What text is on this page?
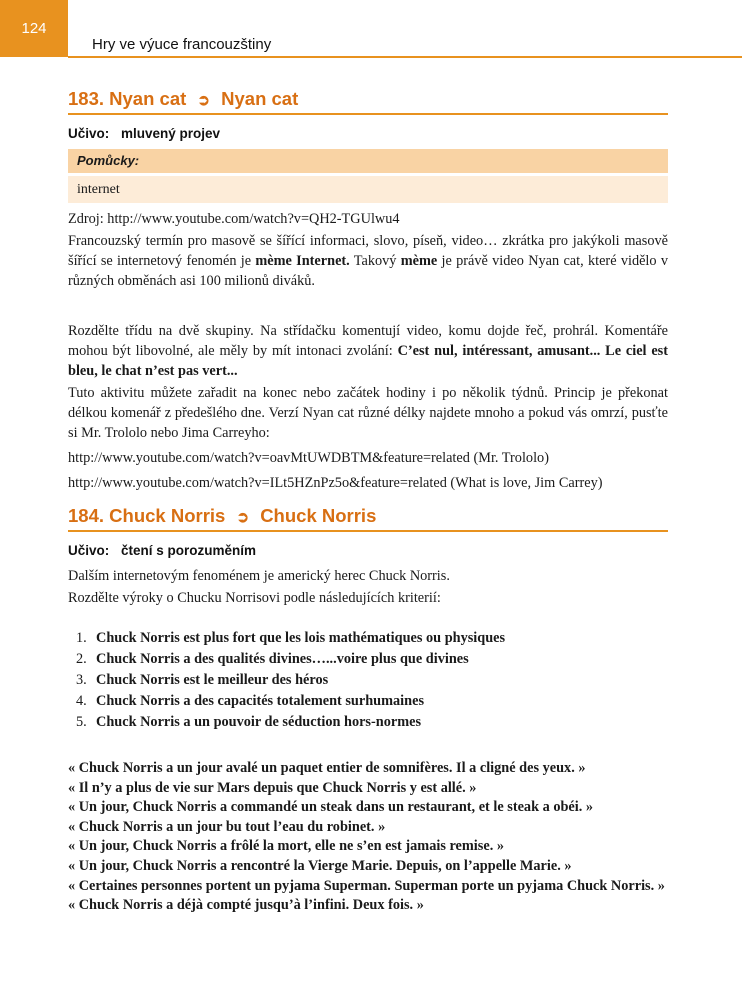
124
Hry ve výuce francouzštiny
183. Nyan cat ➲ Nyan cat
Učivo: mluvený projev
Pomůcky:
internet

Zdroj: http://www.youtube.com/watch?v=QH2-TGUlwu4

Francouzský termín pro masově se šířící informaci, slovo, píseň, video… zkrátka pro jakýkoli masově šířící se internetový fenomén je mème Internet. Takový mème je právě video Nyan cat, které vidělo v různých obměnách asi 100 milionů diváků.

Rozdělte třídu na dvě skupiny. Na střídačku komentují video, komu dojde řeč, prohrál. Komentáře mohou být libovolné, ale měly by mít intonaci zvolání: C’est nul, intéressant, amusant... Le ciel est bleu, le chat n’est pas vert...

Tuto aktivitu můžete zařadit na konec nebo začátek hodiny i po několik týdnů. Princip je překonat délkou komenář z předešlého dne. Verzí Nyan cat různé délky najdete mnoho a pokud vás omrzí, pusťte si Mr. Trololo nebo Jima Carreyho:

http://www.youtube.com/watch?v=oavMtUWDBTM&feature=related (Mr. Trololo)

http://www.youtube.com/watch?v=ILt5HZnPz5o&feature=related (What is love, Jim Carrey)

184. Chuck Norris ➲ Chuck Norris
Učivo: čtení s porozuměním

Dalším internetovým fenoménem je americký herec Chuck Norris.

Rozdělte výroky o Chucku Norrisovi podle následujících kriterií:

1. Chuck Norris est plus fort que les lois mathématiques ou physiques
2. Chuck Norris a des qualités divines…...voire plus que divines
3. Chuck Norris est le meilleur des héros
4. Chuck Norris a des capacités totalement surhumaines
5. Chuck Norris a un pouvoir de séduction hors-normes

« Chuck Norris a un jour avalé un paquet entier de somnifères. Il a cligné des yeux. »

« Il n’y a plus de vie sur Mars depuis que Chuck Norris y est allé. »

« Un jour, Chuck Norris a commandé un steak dans un restaurant, et le steak a obéi. »

« Chuck Norris a un jour bu tout l’eau du robinet. »

« Un jour, Chuck Norris a frôlé la mort, elle ne s’en est jamais remise. »

« Un jour, Chuck Norris a rencontré la Vierge Marie. Depuis, on l’appelle Marie. »

« Certaines personnes portent un pyjama Superman. Superman porte un pyjama Chuck Norris. »

« Chuck Norris a déjà compté jusqu’à l’infini. Deux fois. »
